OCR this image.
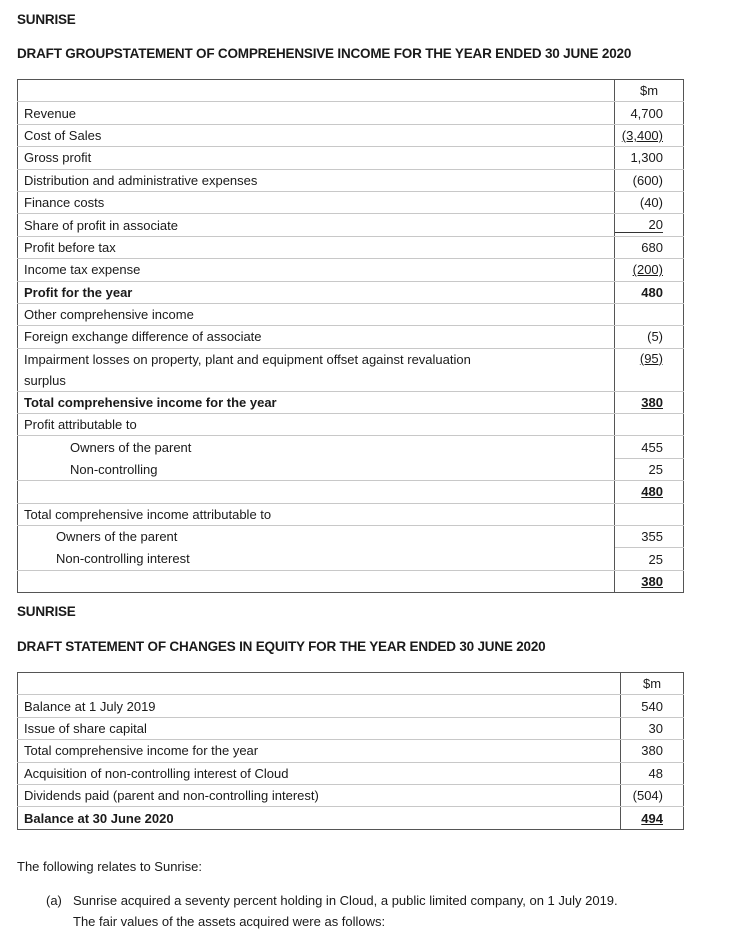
SUNRISE
DRAFT GROUPSTATEMENT OF COMPREHENSIVE INCOME FOR THE YEAR ENDED 30 JUNE 2020
	$m
Revenue	4,700
Cost of Sales	(3,400)
Gross profit	1,300
Distribution and administrative expenses	(600)
Finance costs	(40)
Share of profit in associate	20
Profit before tax	680
Income tax expense	(200)
Profit for the year	480
Other comprehensive income	
Foreign exchange difference of associate	(5)

Impairment losses on property, plant and equipment offset against revaluation
surplus	(95)
Total comprehensive income for the year	380
Profit attributable to	
Owners of the parent	455
Non-controlling	25
	480
Total comprehensive income attributable to	
Owners of the parent	355
Non-controlling interest	25
	380
SUNRISE
DRAFT STATEMENT OF CHANGES IN EQUITY FOR THE YEAR ENDED 30 JUNE 2020
	$m
Balance at 1 July 2019	540
Issue of share capital	30
Total comprehensive income for the year	380
Acquisition of non-controlling interest of Cloud	48
Dividends paid (parent and non-controlling interest)	(504)
Balance at 30 June 2020	494
The following relates to Sunrise:
(a) Sunrise acquired a seventy percent holding in Cloud, a public limited company, on 1 July 2019.
The fair values of the assets acquired were as follows:
